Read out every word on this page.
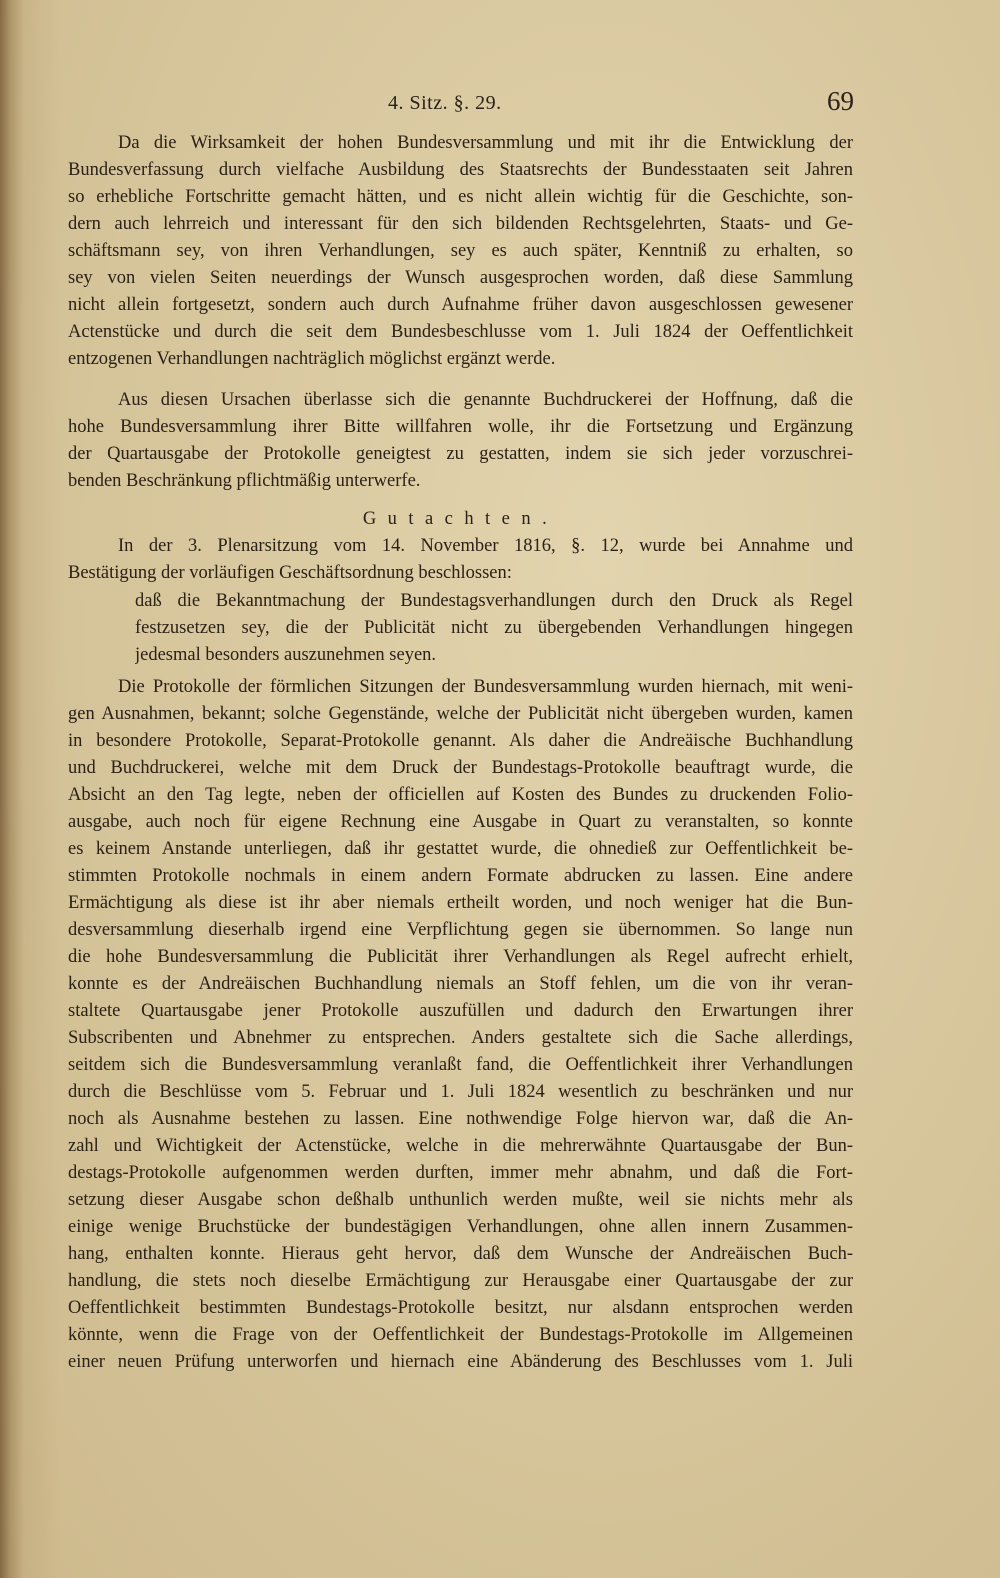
4. Sitz. §. 29.	69
Da die Wirksamkeit der hohen Bundesversammlung und mit ihr die Entwicklung der
Bundesverfassung durch vielfache Ausbildung des Staatsrechts der Bundesstaaten seit Jahren
so erhebliche Fortschritte gemacht hätten, und es nicht allein wichtig für die Geschichte, son-
dern auch lehrreich und interessant für den sich bildenden Rechtsgelehrten, Staats- und Ge-
schäftsmann sey, von ihren Verhandlungen, sey es auch später, Kenntniß zu erhalten, so
sey von vielen Seiten neuerdings der Wunsch ausgesprochen worden, daß diese Sammlung
nicht allein fortgesetzt, sondern auch durch Aufnahme früher davon ausgeschlossen gewesener
Actenstücke und durch die seit dem Bundesbeschlusse vom 1. Juli 1824 der Oeffentlichkeit
entzogenen Verhandlungen nachträglich möglichst ergänzt werde.
Aus diesen Ursachen überlasse sich die genannte Buchdruckerei der Hoffnung, daß die
hohe Bundesversammlung ihrer Bitte willfahren wolle, ihr die Fortsetzung und Ergänzung
der Quartausgabe der Protokolle geneigtest zu gestatten, indem sie sich jeder vorzuschrei-
benden Beschränkung pflichtmäßig unterwerfe.
Gutachten.
In der 3. Plenarsitzung vom 14. November 1816, §. 12, wurde bei Annahme und
Bestätigung der vorläufigen Geschäftsordnung beschlossen:
daß die Bekanntmachung der Bundestagsverhandlungen durch den Druck als Regel
festzusetzen sey, die der Publicität nicht zu übergebenden Verhandlungen hingegen
jedesmal besonders auszunehmen seyen.
Die Protokolle der förmlichen Sitzungen der Bundesversammlung wurden hiernach, mit weni-
gen Ausnahmen, bekannt; solche Gegenstände, welche der Publicität nicht übergeben wurden, kamen
in besondere Protokolle, Separat-Protokolle genannt. Als daher die Andreäische Buchhandlung
und Buchdruckerei, welche mit dem Druck der Bundestags-Protokolle beauftragt wurde, die
Absicht an den Tag legte, neben der officiellen auf Kosten des Bundes zu druckenden Folio-
ausgabe, auch noch für eigene Rechnung eine Ausgabe in Quart zu veranstalten, so konnte
es keinem Anstande unterliegen, daß ihr gestattet wurde, die ohnedieß zur Oeffentlichkeit be-
stimmten Protokolle nochmals in einem andern Formate abdrucken zu lassen. Eine andere
Ermächtigung als diese ist ihr aber niemals ertheilt worden, und noch weniger hat die Bun-
desversammlung dieserhalb irgend eine Verpflichtung gegen sie übernommen. So lange nun
die hohe Bundesversammlung die Publicität ihrer Verhandlungen als Regel aufrecht erhielt,
konnte es der Andreäischen Buchhandlung niemals an Stoff fehlen, um die von ihr veran-
staltete Quartausgabe jener Protokolle auszufüllen und dadurch den Erwartungen ihrer
Subscribenten und Abnehmer zu entsprechen. Anders gestaltete sich die Sache allerdings,
seitdem sich die Bundesversammlung veranlaßt fand, die Oeffentlichkeit ihrer Verhandlungen
durch die Beschlüsse vom 5. Februar und 1. Juli 1824 wesentlich zu beschränken und nur
noch als Ausnahme bestehen zu lassen. Eine nothwendige Folge hiervon war, daß die An-
zahl und Wichtigkeit der Actenstücke, welche in die mehrerwähnte Quartausgabe der Bun-
destags-Protokolle aufgenommen werden durften, immer mehr abnahm, und daß die Fort-
setzung dieser Ausgabe schon deßhalb unthunlich werden mußte, weil sie nichts mehr als
einige wenige Bruchstücke der bundestägigen Verhandlungen, ohne allen innern Zusammen-
hang, enthalten konnte. Hieraus geht hervor, daß dem Wunsche der Andreäischen Buch-
handlung, die stets noch dieselbe Ermächtigung zur Herausgabe einer Quartausgabe der zur
Oeffentlichkeit bestimmten Bundestags-Protokolle besitzt, nur alsdann entsprochen werden
könnte, wenn die Frage von der Oeffentlichkeit der Bundestags-Protokolle im Allgemeinen
einer neuen Prüfung unterworfen und hiernach eine Abänderung des Beschlusses vom 1. Juli
